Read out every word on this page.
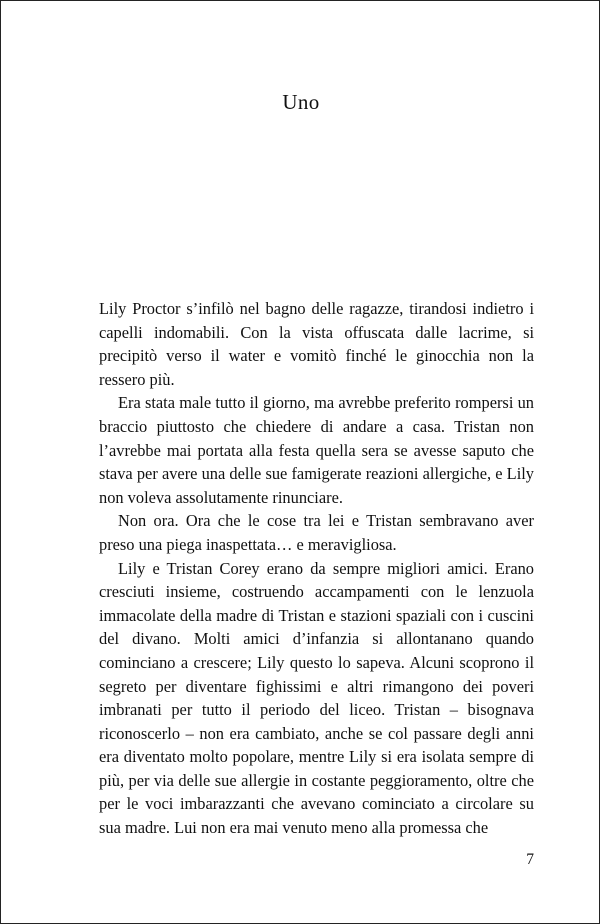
Uno

Lily Proctor s’infilò nel bagno delle ragazze, tirandosi indietro i capelli indomabili. Con la vista offuscata dalle lacrime, si precipitò verso il water e vomitò finché le ginocchia non la ressero più.

Era stata male tutto il giorno, ma avrebbe preferito rompersi un braccio piuttosto che chiedere di andare a casa. Tristan non l’avrebbe mai portata alla festa quella sera se avesse saputo che stava per avere una delle sue famigerate reazioni allergiche, e Lily non voleva assolutamente rinunciare.

Non ora. Ora che le cose tra lei e Tristan sembravano aver preso una piega inaspettata… e meravigliosa.

Lily e Tristan Corey erano da sempre migliori amici. Erano cresciuti insieme, costruendo accampamenti con le lenzuola immacolate della madre di Tristan e stazioni spaziali con i cuscini del divano. Molti amici d’infanzia si allontanano quando cominciano a crescere; Lily questo lo sapeva. Alcuni scoprono il segreto per diventare fighissimi e altri rimangono dei poveri imbranati per tutto il periodo del liceo. Tristan – bisognava riconoscerlo – non era cambiato, anche se col passare degli anni era diventato molto popolare, mentre Lily si era isolata sempre di più, per via delle sue allergie in costante peggioramento, oltre che per le voci imbarazzanti che avevano cominciato a circolare su sua madre. Lui non era mai venuto meno alla promessa che

7
